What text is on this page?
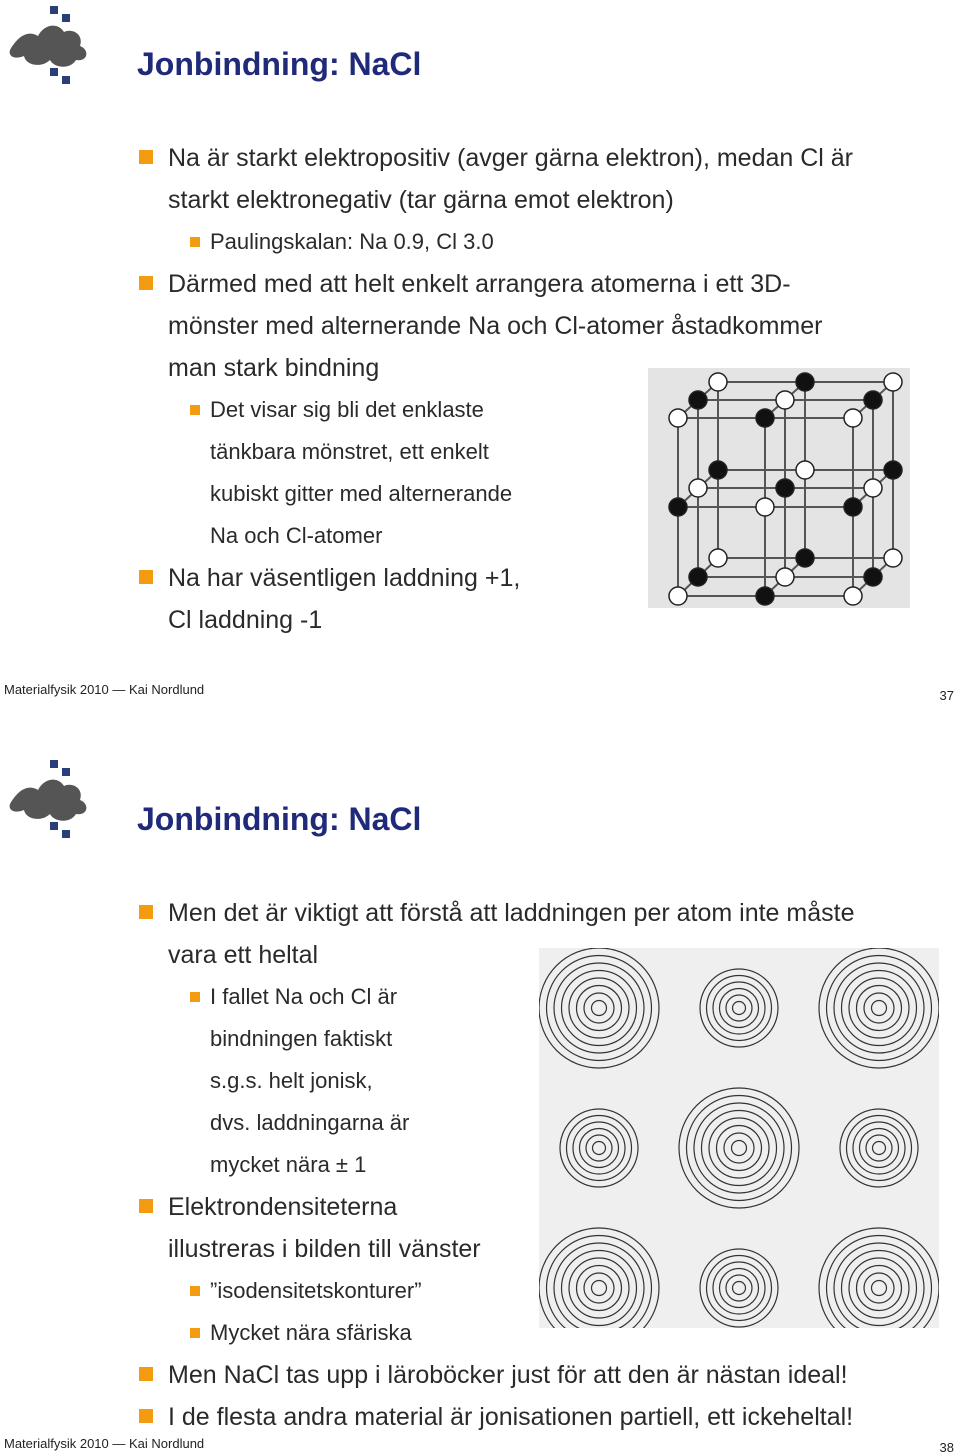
Jonbindning: NaCl
Na är starkt elektropositiv (avger gärna elektron), medan Cl är
starkt elektronegativ (tar gärna emot elektron)
Paulingskalan: Na 0.9, Cl 3.0
Därmed med att helt enkelt arrangera atomerna i ett 3D-
mönster med alternerande Na och Cl-atomer åstadkommer
man stark bindning
Det visar sig bli det enklaste
tänkbara mönstret, ett enkelt
kubiskt gitter med alternerande
Na och Cl-atomer
Na har väsentligen laddning +1,
Cl laddning -1
Materialfysik 2010 — Kai Nordlund	37
Jonbindning: NaCl
Men det är viktigt att förstå att laddningen per atom inte måste
vara ett heltal
I fallet Na och Cl är
bindningen faktiskt
s.g.s. helt jonisk,
dvs. laddningarna är
mycket nära ± 1
Elektrondensiteterna
illustreras i bilden till vänster
”isodensitetskonturer”
Mycket nära sfäriska
Men NaCl tas upp i läroböcker just för att den är nästan ideal!
I de flesta andra material är jonisationen partiell, ett ickeheltal!
Materialfysik 2010 — Kai Nordlund	38
